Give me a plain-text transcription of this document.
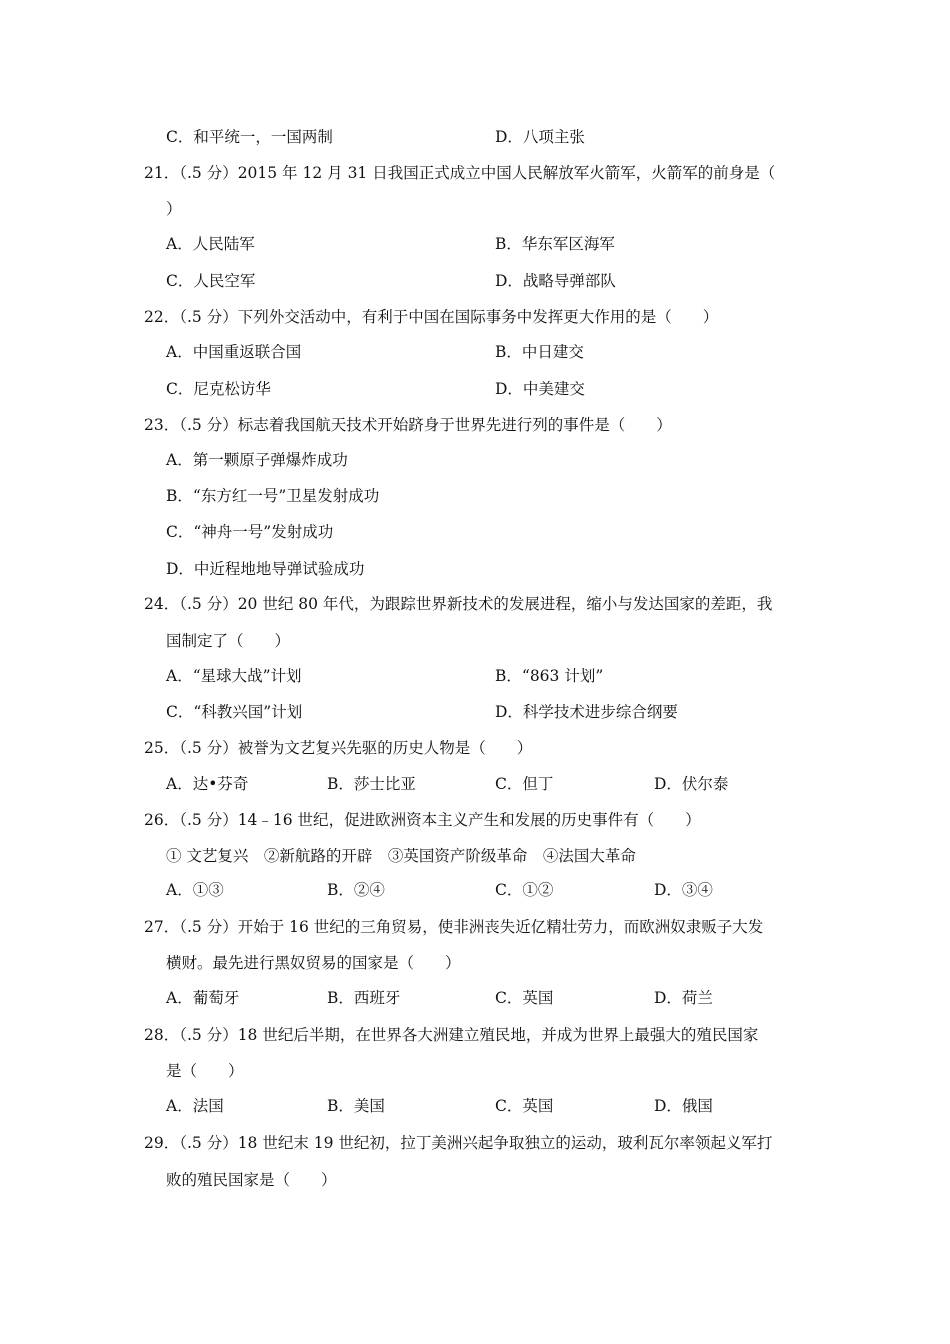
C．和平统一，一国两制	D．八项主张
21．（.5 分）2015 年 12 月 31 日我国正式成立中国人民解放军火箭军，火箭军的前身是（
）
A．人民陆军	B．华东军区海军
C．人民空军	D．战略导弹部队
22．（.5 分）下列外交活动中，有利于中国在国际事务中发挥更大作用的是（　　）
A．中国重返联合国	B．中日建交
C．尼克松访华	D．中美建交
23．（.5 分）标志着我国航天技术开始跻身于世界先进行列的事件是（　　）
A．第一颗原子弹爆炸成功
B．“东方红一号”卫星发射成功
C．“神舟一号”发射成功
D．中近程地地导弹试验成功
24．（.5 分）20 世纪 80 年代，为跟踪世界新技术的发展进程，缩小与发达国家的差距，我
国制定了（　　）
A．“星球大战”计划	B．“863 计划”
C．“科教兴国”计划	D．科学技术进步综合纲要
25．（.5 分）被誉为文艺复兴先驱的历史人物是（　　）
A．达•芬奇	B．莎士比亚	C．但丁	D．伏尔泰
26．（.5 分）14﹣16 世纪，促进欧洲资本主义产生和发展的历史事件有（　　）
① 文艺复兴　②新航路的开辟　③英国资产阶级革命　④法国大革命
A．①③	B．②④	C．①②	D．③④
27．（.5 分）开始于 16 世纪的三角贸易，使非洲丧失近亿精壮劳力，而欧洲奴隶贩子大发
横财。最先进行黑奴贸易的国家是（　　）
A．葡萄牙	B．西班牙	C．英国	D．荷兰
28．（.5 分）18 世纪后半期，在世界各大洲建立殖民地，并成为世界上最强大的殖民国家
是（　　）
A．法国	B．美国	C．英国	D．俄国
29．（.5 分）18 世纪末 19 世纪初，拉丁美洲兴起争取独立的运动，玻利瓦尔率领起义军打
败的殖民国家是（　　）
